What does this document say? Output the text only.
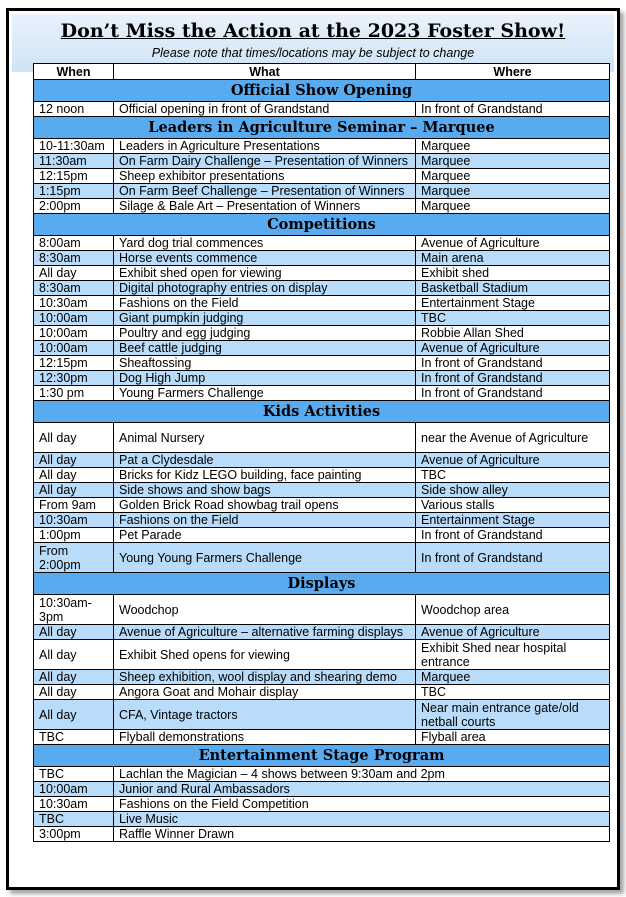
Don’t Miss the Action at the 2023 Foster Show!
Please note that times/locations may be subject to change
When	What	Where
Official Show Opening		
12 noon	Official opening in front of Grandstand	In front of Grandstand
Leaders in Agriculture Seminar – Marquee		
10-11:30am	Leaders in Agriculture Presentations	Marquee
11:30am	On Farm Dairy Challenge – Presentation of Winners	Marquee
12:15pm	Sheep exhibitor presentations	Marquee
1:15pm	On Farm Beef Challenge – Presentation of Winners	Marquee
2:00pm	Silage & Bale Art – Presentation of Winners	Marquee
Competitions		
8:00am	Yard dog trial commences	Avenue of Agriculture
8:30am	Horse events commence	Main arena
All day	Exhibit shed open for viewing	Exhibit shed
8:30am	Digital photography entries on display	Basketball Stadium
10:30am	Fashions on the Field	Entertainment Stage
10:00am	Giant pumpkin judging	TBC
10:00am	Poultry and egg judging	Robbie Allan Shed
10:00am	Beef cattle judging	Avenue of Agriculture
12:15pm	Sheaftossing	In front of Grandstand
12:30pm	Dog High Jump	In front of Grandstand
1:30 pm	Young Farmers Challenge	In front of Grandstand
Kids Activities		
All day	Animal Nursery	near the Avenue of Agriculture
All day	Pat a Clydesdale	Avenue of Agriculture
All day	Bricks for Kidz LEGO building, face painting	TBC
All day	Side shows and show bags	Side show alley
From 9am	Golden Brick Road showbag trail opens	Various stalls
10:30am	Fashions on the Field	Entertainment Stage
1:00pm	Pet Parade	In front of Grandstand
From 2:00pm	Young Young Farmers Challenge	In front of Grandstand
Displays		
10:30am-3pm	Woodchop	Woodchop area
All day	Avenue of Agriculture – alternative farming displays	Avenue of Agriculture
All day	Exhibit Shed opens for viewing	Exhibit Shed near hospital entrance
All day	Sheep exhibition, wool display and shearing demo	Marquee
All day	Angora Goat and Mohair display	TBC
All day	CFA, Vintage tractors	Near main entrance gate/old netball courts
TBC	Flyball demonstrations	Flyball area
Entertainment Stage Program		
TBC	Lachlan the Magician – 4 shows between 9:30am and 2pm	
10:00am	Junior and Rural Ambassadors	
10:30am	Fashions on the Field Competition	
TBC	Live Music	
3:00pm	Raffle Winner Drawn	
